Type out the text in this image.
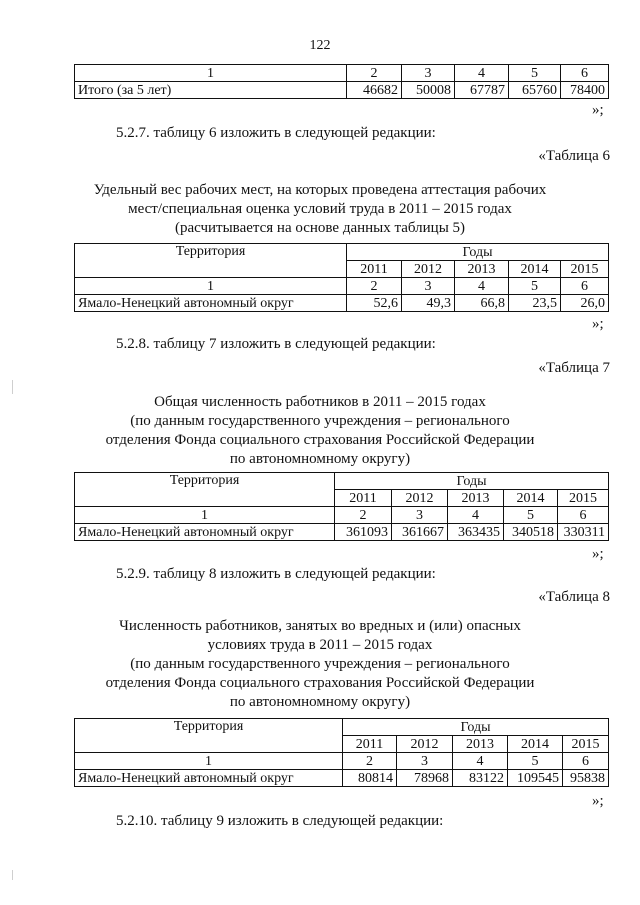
122
1	2	3	4	5	6
Итого (за 5 лет)	46682	50008	67787	65760	78400
»;
5.2.7. таблицу 6 изложить в следующей редакции:
«Таблица 6
Удельный вес рабочих мест, на которых проведена аттестация рабочих
мест/специальная оценка условий труда в 2011 – 2015 годах
(расчитывается на основе данных таблицы 5)
Территория	Годы				
	2011	2012	2013	2014	2015
1	2	3	4	5	6
Ямало-Ненецкий автономный округ	52,6	49,3	66,8	23,5	26,0
»;
5.2.8. таблицу 7 изложить в следующей редакции:
«Таблица 7
Общая численность работников в 2011 – 2015 годах
(по данным государственного учреждения – регионального
отделения Фонда социального страхования Российской Федерации
по автономномному округу)
Территория	Годы				
	2011	2012	2013	2014	2015
1	2	3	4	5	6
Ямало-Ненецкий автономный округ	361093	361667	363435	340518	330311
»;
5.2.9. таблицу 8 изложить в следующей редакции:
«Таблица 8
Численность работников, занятых во вредных и (или) опасных
условиях труда в 2011 – 2015 годах
(по данным государственного учреждения – регионального
отделения Фонда социального страхования Российской Федерации
по автономномному округу)
Территория	Годы				
	2011	2012	2013	2014	2015
1	2	3	4	5	6
Ямало-Ненецкий автономный округ	80814	78968	83122	109545	95838
»;
5.2.10. таблицу 9 изложить в следующей редакции:
